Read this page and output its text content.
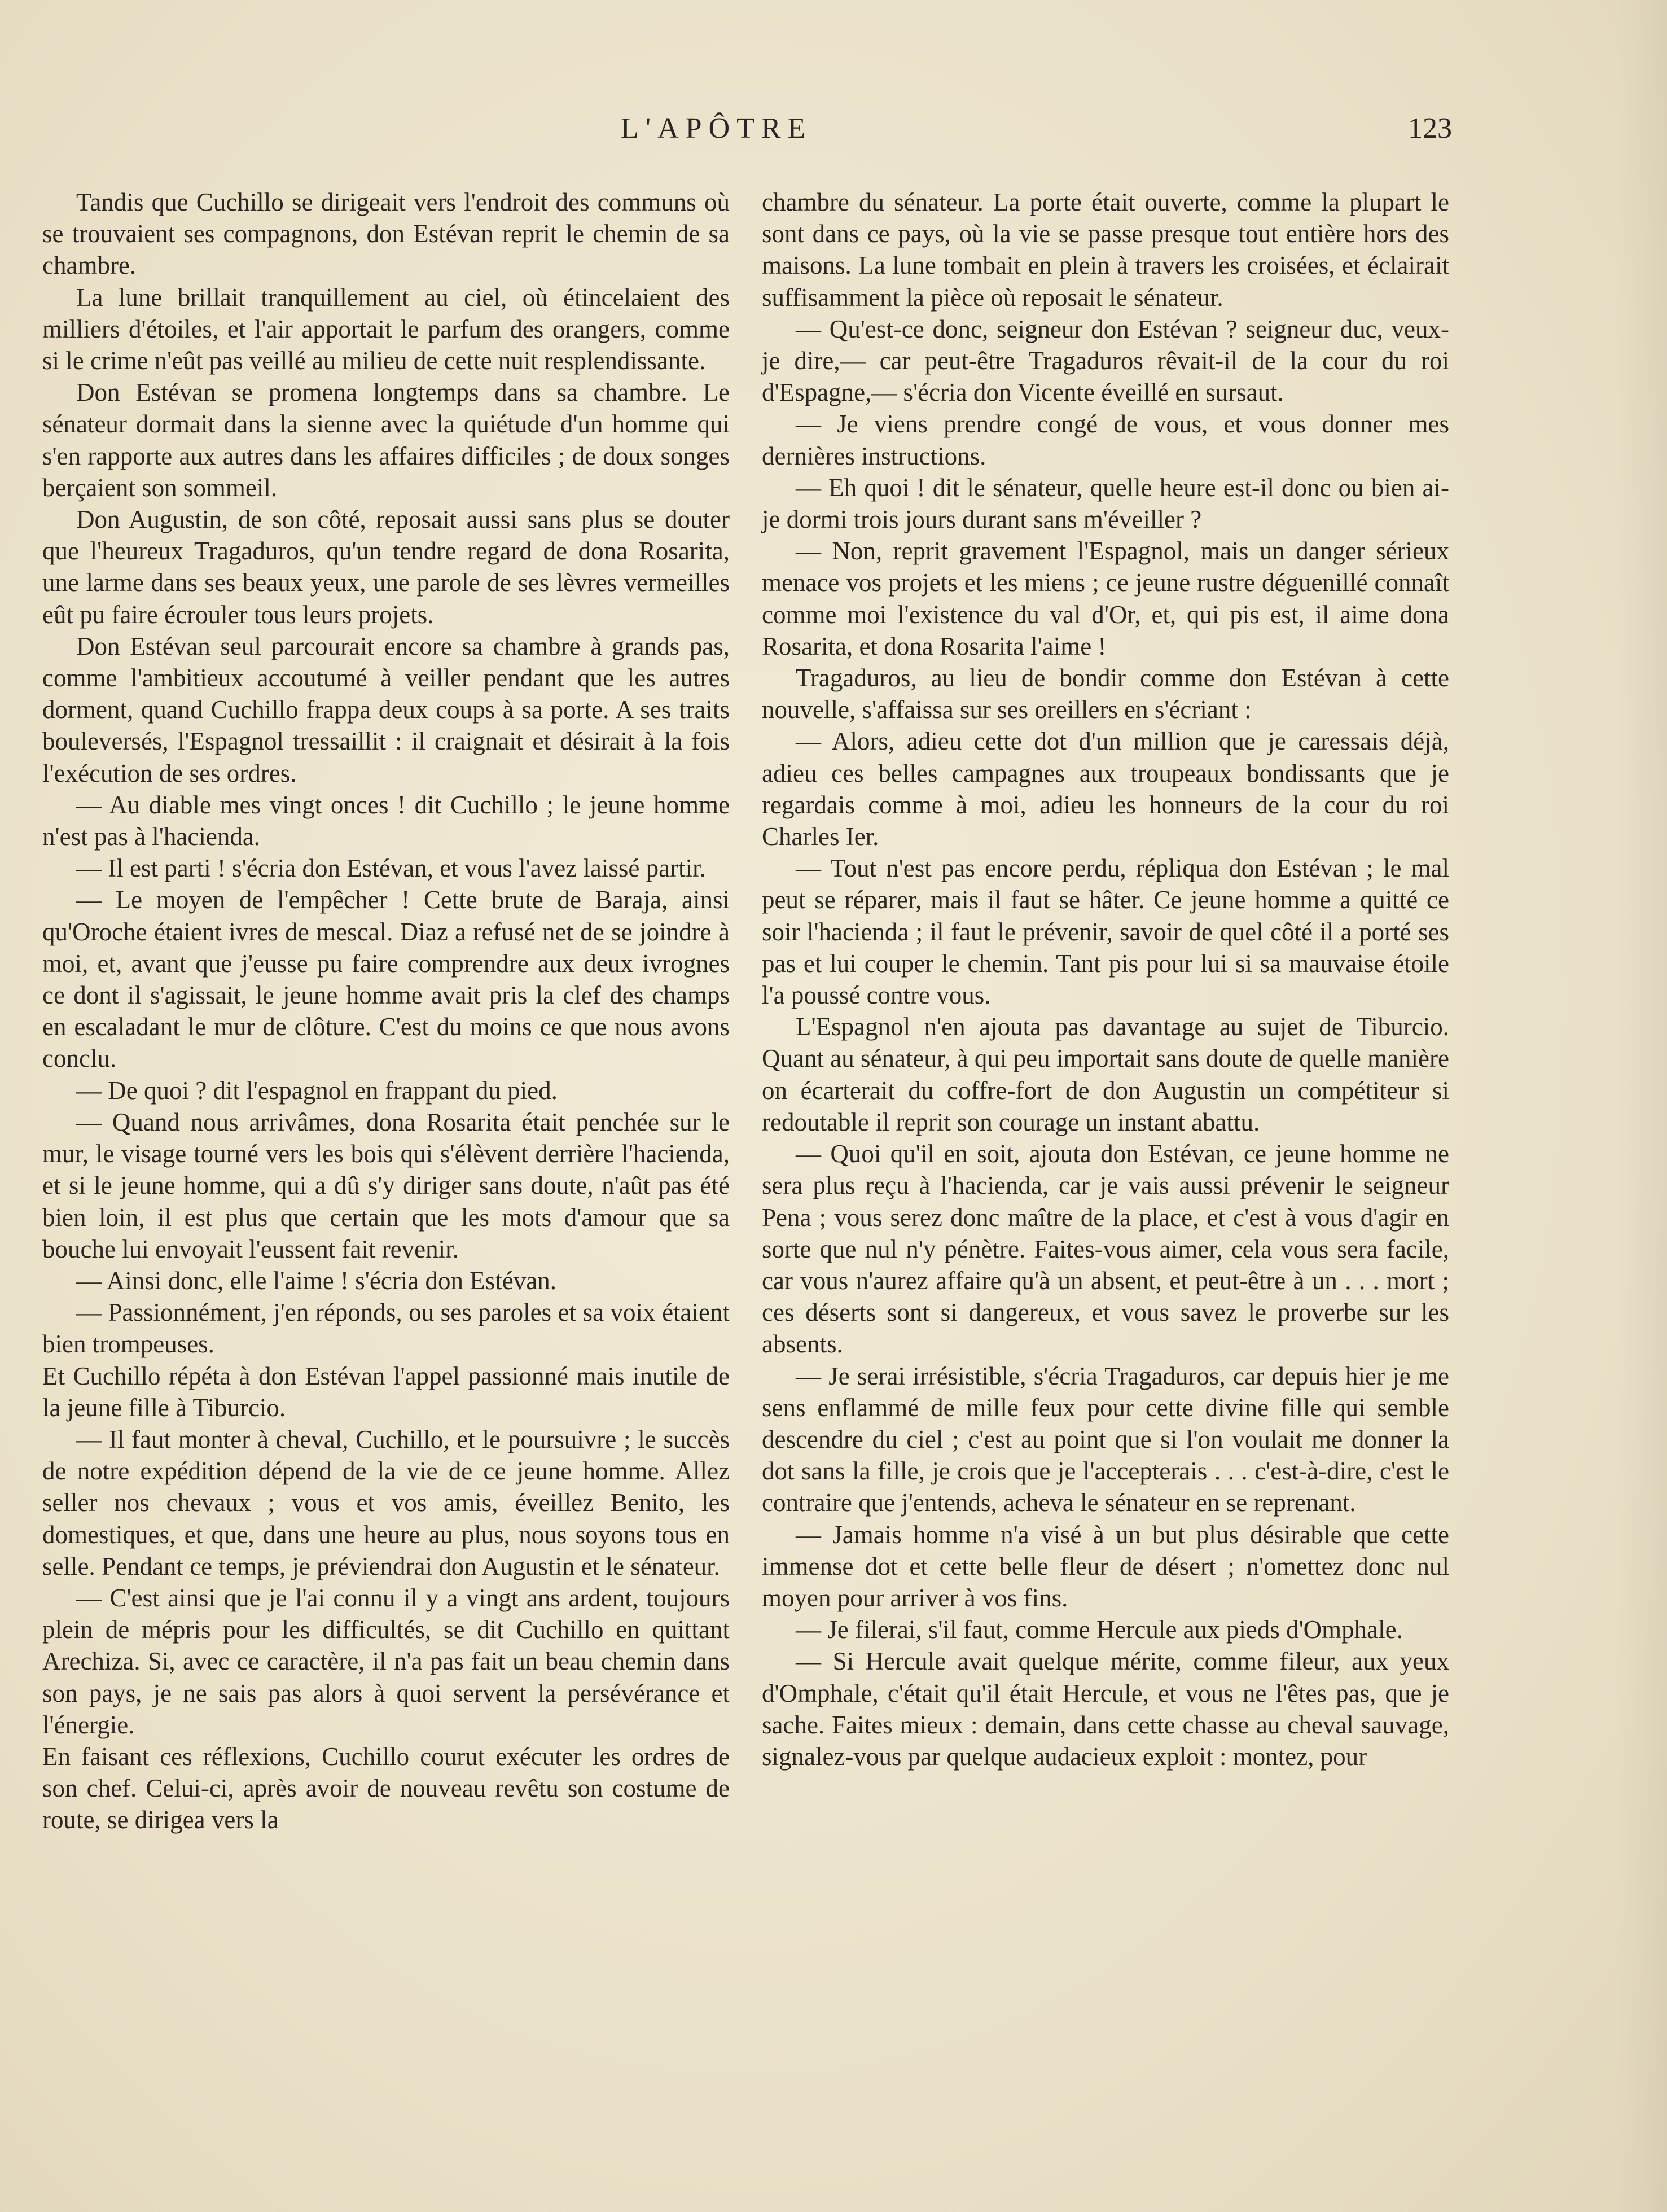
L'APÔTRE	123

Tandis que Cuchillo se dirigeait vers l'endroit des communs où se trouvaient ses compagnons, don Estévan reprit le chemin de sa chambre.

La lune brillait tranquillement au ciel, où étincelaient des milliers d'étoiles, et l'air apportait le parfum des orangers, comme si le crime n'eût pas veillé au milieu de cette nuit resplendissante.

Don Estévan se promena longtemps dans sa chambre. Le sénateur dormait dans la sienne avec la quiétude d'un homme qui s'en rapporte aux autres dans les affaires difficiles ; de doux songes berçaient son sommeil.

Don Augustin, de son côté, reposait aussi sans plus se douter que l'heureux Tragaduros, qu'un tendre regard de dona Rosarita, une larme dans ses beaux yeux, une parole de ses lèvres vermeilles eût pu faire écrouler tous leurs projets.

Don Estévan seul parcourait encore sa chambre à grands pas, comme l'ambitieux accoutumé à veiller pendant que les autres dorment, quand Cuchillo frappa deux coups à sa porte. A ses traits bouleversés, l'Espagnol tressaillit : il craignait et désirait à la fois l'exécution de ses ordres.

— Au diable mes vingt onces ! dit Cuchillo ; le jeune homme n'est pas à l'hacienda.

— Il est parti ! s'écria don Estévan, et vous l'avez laissé partir.

— Le moyen de l'empêcher ! Cette brute de Baraja, ainsi qu'Oroche étaient ivres de mescal. Diaz a refusé net de se joindre à moi, et, avant que j'eusse pu faire comprendre aux deux ivrognes ce dont il s'agissait, le jeune homme avait pris la clef des champs en escaladant le mur de clôture. C'est du moins ce que nous avons conclu.

— De quoi ? dit l'espagnol en frappant du pied.

— Quand nous arrivâmes, dona Rosarita était penchée sur le mur, le visage tourné vers les bois qui s'élèvent derrière l'hacienda, et si le jeune homme, qui a dû s'y diriger sans doute, n'aût pas été bien loin, il est plus que certain que les mots d'amour que sa bouche lui envoyait l'eussent fait revenir.

— Ainsi donc, elle l'aime ! s'écria don Estévan.

— Passionnément, j'en réponds, ou ses paroles et sa voix étaient bien trompeuses.

Et Cuchillo répéta à don Estévan l'appel passionné mais inutile de la jeune fille à Tiburcio.

— Il faut monter à cheval, Cuchillo, et le poursuivre ; le succès de notre expédition dépend de la vie de ce jeune homme. Allez seller nos chevaux ; vous et vos amis, éveillez Benito, les domestiques, et que, dans une heure au plus, nous soyons tous en selle. Pendant ce temps, je préviendrai don Augustin et le sénateur.

— C'est ainsi que je l'ai connu il y a vingt ans ardent, toujours plein de mépris pour les difficultés, se dit Cuchillo en quittant Arechiza. Si, avec ce caractère, il n'a pas fait un beau chemin dans son pays, je ne sais pas alors à quoi servent la persévérance et l'énergie.

En faisant ces réflexions, Cuchillo courut exécuter les ordres de son chef. Celui-ci, après avoir de nouveau revêtu son costume de route, se dirigea vers la

chambre du sénateur. La porte était ouverte, comme la plupart le sont dans ce pays, où la vie se passe presque tout entière hors des maisons. La lune tombait en plein à travers les croisées, et éclairait suffisamment la pièce où reposait le sénateur.

— Qu'est-ce donc, seigneur don Estévan ? seigneur duc, veux-je dire,— car peut-être Tragaduros rêvait-il de la cour du roi d'Espagne,— s'écria don Vicente éveillé en sursaut.

— Je viens prendre congé de vous, et vous donner mes dernières instructions.

— Eh quoi ! dit le sénateur, quelle heure est-il donc ou bien ai-je dormi trois jours durant sans m'éveiller ?

— Non, reprit gravement l'Espagnol, mais un danger sérieux menace vos projets et les miens ; ce jeune rustre déguenillé connaît comme moi l'existence du val d'Or, et, qui pis est, il aime dona Rosarita, et dona Rosarita l'aime !

Tragaduros, au lieu de bondir comme don Estévan à cette nouvelle, s'affaissa sur ses oreillers en s'écriant :

— Alors, adieu cette dot d'un million que je caressais déjà, adieu ces belles campagnes aux troupeaux bondissants que je regardais comme à moi, adieu les honneurs de la cour du roi Charles Ier.

— Tout n'est pas encore perdu, répliqua don Estévan ; le mal peut se réparer, mais il faut se hâter. Ce jeune homme a quitté ce soir l'hacienda ; il faut le prévenir, savoir de quel côté il a porté ses pas et lui couper le chemin. Tant pis pour lui si sa mauvaise étoile l'a poussé contre vous.

L'Espagnol n'en ajouta pas davantage au sujet de Tiburcio. Quant au sénateur, à qui peu importait sans doute de quelle manière on écarterait du coffre-fort de don Augustin un compétiteur si redoutable il reprit son courage un instant abattu.

— Quoi qu'il en soit, ajouta don Estévan, ce jeune homme ne sera plus reçu à l'hacienda, car je vais aussi prévenir le seigneur Pena ; vous serez donc maître de la place, et c'est à vous d'agir en sorte que nul n'y pénètre. Faites-vous aimer, cela vous sera facile, car vous n'aurez affaire qu'à un absent, et peut-être à un . . . mort ; ces déserts sont si dangereux, et vous savez le proverbe sur les absents.

— Je serai irrésistible, s'écria Tragaduros, car depuis hier je me sens enflammé de mille feux pour cette divine fille qui semble descendre du ciel ; c'est au point que si l'on voulait me donner la dot sans la fille, je crois que je l'accepterais . . . c'est-à-dire, c'est le contraire que j'entends, acheva le sénateur en se reprenant.

— Jamais homme n'a visé à un but plus désirable que cette immense dot et cette belle fleur de désert ; n'omettez donc nul moyen pour arriver à vos fins.

— Je filerai, s'il faut, comme Hercule aux pieds d'Omphale.

— Si Hercule avait quelque mérite, comme fileur, aux yeux d'Omphale, c'était qu'il était Hercule, et vous ne l'êtes pas, que je sache. Faites mieux : demain, dans cette chasse au cheval sauvage, signalez-vous par quelque audacieux exploit : montez, pour
